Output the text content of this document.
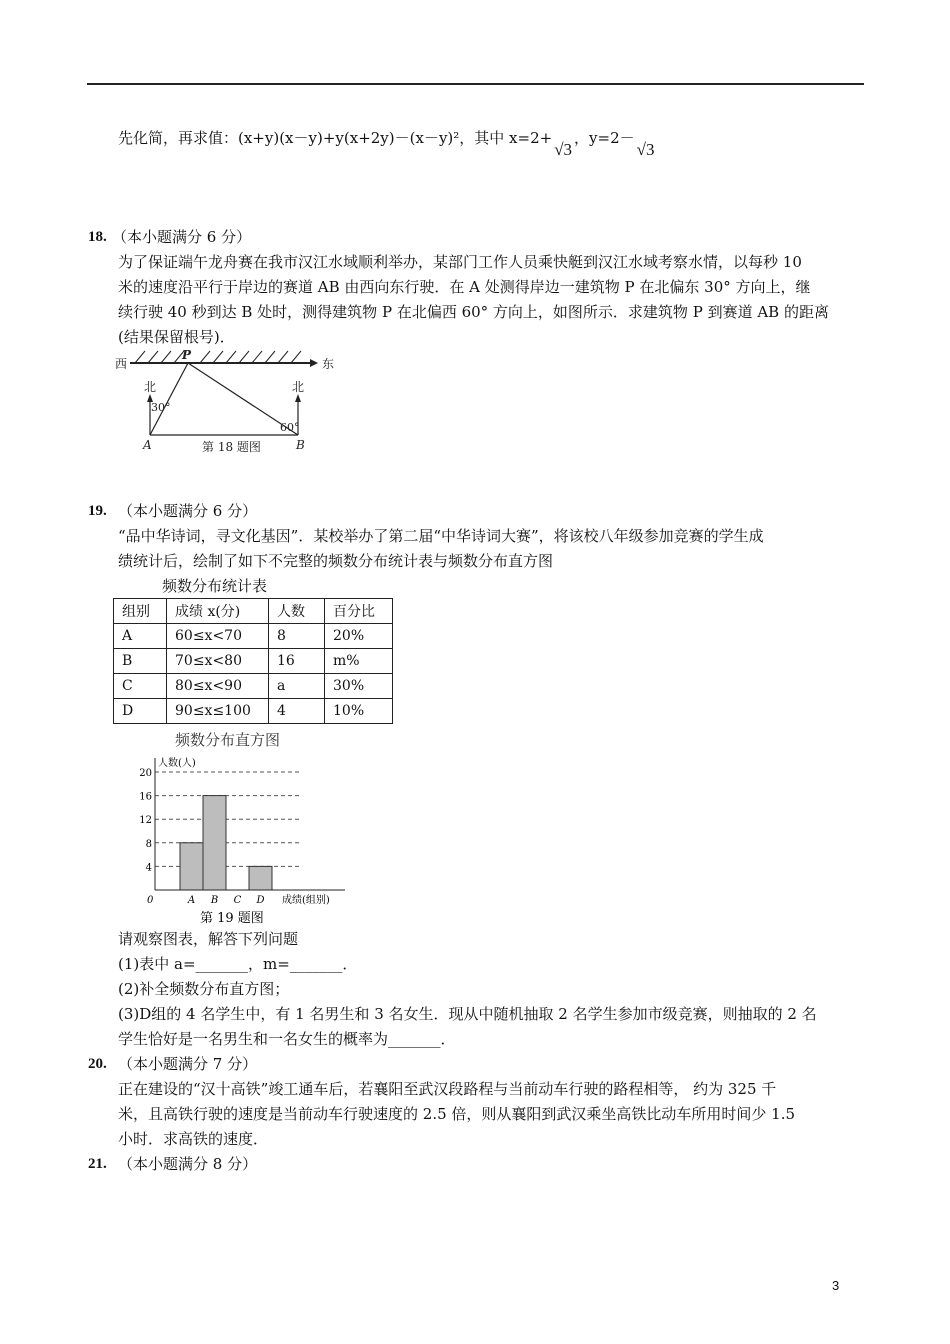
先化简，再求值：(x+y)(x－y)+y(x+2y)－(x－y)²，其中 x=2+√3，y=2－√3
18. （本小题满分 6 分）
为了保证端午龙舟赛在我市汉江水域顺利举办，某部门工作人员乘快艇到汉江水域考察水情，以每秒 10
米的速度沿平行于岸边的赛道 AB 由西向东行驶．在 A 处测得岸边一建筑物 P 在北偏东 30° 方向上，继
续行驶 40 秒到达 B 处时，测得建筑物 P 在北偏西 60° 方向上，如图所示．求建筑物 P 到赛道 AB 的距离
(结果保留根号)．
西	东
P
北	北
30°
60°
A	B
第 18 题图
19. （本小题满分 6 分）
“品中华诗词，寻文化基因”．某校举办了第二届“中华诗词大赛”，将该校八年级参加竞赛的学生成
绩统计后，绘制了如下不完整的频数分布统计表与频数分布直方图
频数分布统计表
组别	成绩 x(分)	人数	百分比
A	60≤x<70	8	20%
B	70≤x<80	16	m%
C	80≤x<90	a	30%
D	90≤x≤100	4	10%
频数分布直方图
4
8
12
16
20
A B C D
人数(人)
成绩(组别)
0
第 19 题图
请观察图表，解答下列问题
(1)表中 a=_______，m=_______．
(2)补全频数分布直方图；
(3)D组的 4 名学生中，有 1 名男生和 3 名女生．现从中随机抽取 2 名学生参加市级竞赛，则抽取的 2 名
学生恰好是一名男生和一名女生的概率为_______．
20. （本小题满分 7 分）
正在建设的“汉十高铁”竣工通车后，若襄阳至武汉段路程与当前动车行驶的路程相等， 约为 325 千
米，且高铁行驶的速度是当前动车行驶速度的 2.5 倍，则从襄阳到武汉乘坐高铁比动车所用时间少 1.5
小时．求高铁的速度．
21. （本小题满分 8 分）
3
